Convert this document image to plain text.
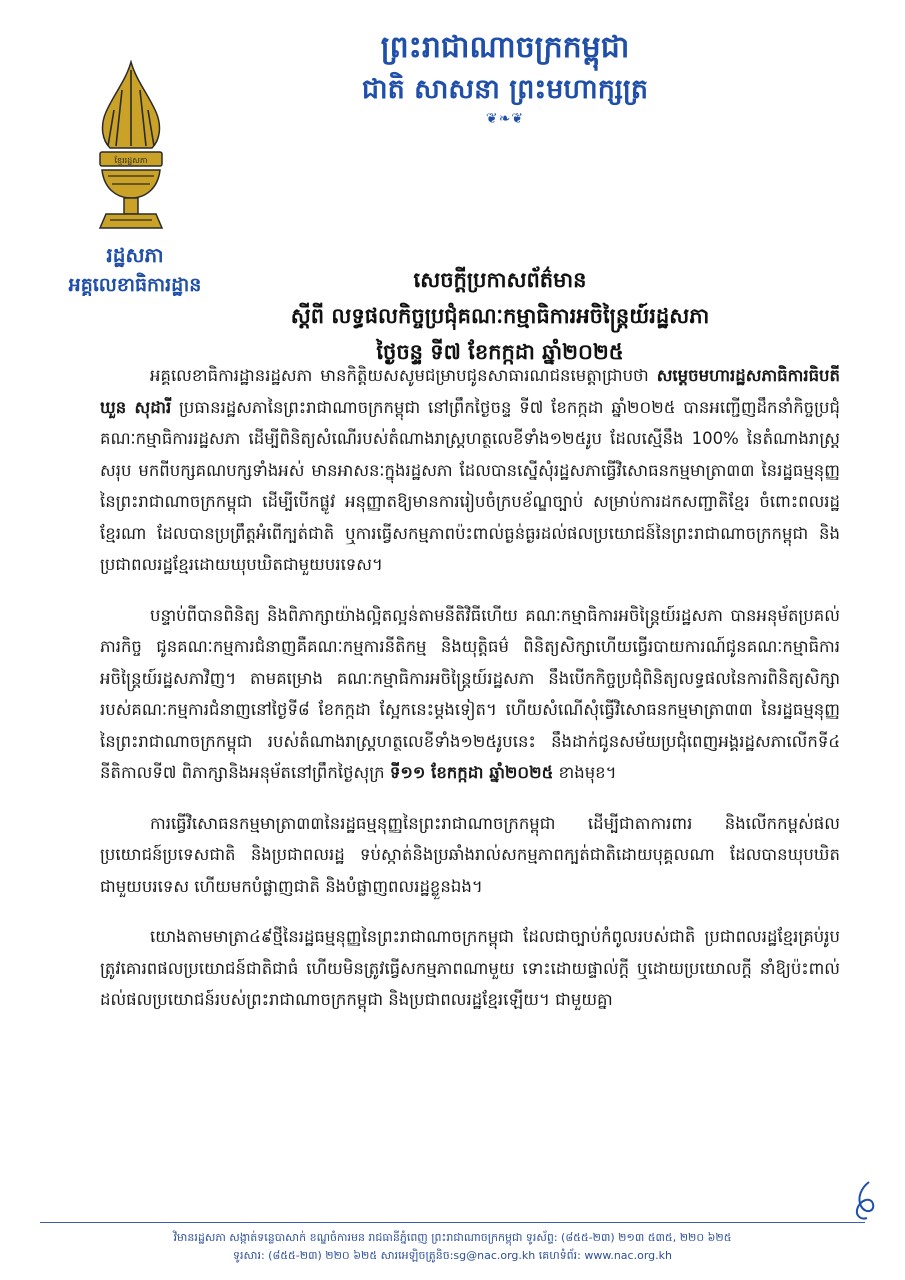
ព្រះរាជាណាចក្រកម្ពុជា

ជាតិ សាសនា ព្រះមហាក្សត្រ

❦❧❦
ខ្មែររដ្ឋសភា

រដ្ឋសភា

អគ្គលេខាធិការដ្ឋាន	សេចក្តីប្រកាសព័ត៌មាន
ស្តីពី លទ្ធផលកិច្ចប្រជុំគណៈកម្មាធិការអចិន្ត្រៃយ៍រដ្ឋសភា
ថ្ងៃចន្ទ ទី៧ ខែកក្កដា ឆ្នាំ២០២៥

អគ្គលេខាធិការដ្ឋានរដ្ឋសភា មានកិត្តិយសសូមជម្រាបជូនសាធារណជនមេត្តាជ្រាបថា សម្តេចមហារដ្ឋសភាធិការធិបតី ឃួន សុដារី ប្រធានរដ្ឋសភានៃព្រះរាជាណាចក្រកម្ពុជា នៅព្រឹកថ្ងៃចន្ទ ទី៧ ខែកក្កដា ឆ្នាំ២០២៥ បានអញ្ជើញដឹកនាំកិច្ចប្រជុំគណៈកម្មាធិការរដ្ឋសភា ដើម្បីពិនិត្យសំណើរបស់តំណាងរាស្ត្រហត្ថលេខីទាំង១២៥រូប ដែលស្មើនឹង 100% នៃតំណាងរាស្ត្រសរុប មកពីបក្សគណបក្សទាំងអស់ មានអាសនៈក្នុងរដ្ឋសភា ដែលបានស្នើសុំរដ្ឋសភាធ្វើវិសោធនកម្មមាត្រា៣៣ នៃរដ្ឋធម្មនុញ្ញនៃព្រះរាជាណាចក្រកម្ពុជា ដើម្បីបើកផ្លូវ អនុញ្ញាតឱ្យមានការរៀបចំក្របខ័ណ្ឌច្បាប់ សម្រាប់ការដកសញ្ជាតិខ្មែរ ចំពោះពលរដ្ឋខ្មែរណា ដែលបានប្រព្រឹត្តអំពើក្បត់ជាតិ ឬការធ្វើសកម្មភាពប៉ះពាល់ធ្ងន់ធ្ងរដល់ផលប្រយោជន៍នៃព្រះរាជាណាចក្រកម្ពុជា និងប្រជាពលរដ្ឋខ្មែរដោយឃុបឃិតជាមួយបរទេស។

បន្ទាប់ពីបានពិនិត្យ និងពិភាក្សាយ៉ាងល្អិតល្អន់តាមនីតិវិធីហើយ គណៈកម្មាធិការអចិន្ត្រៃយ៍រដ្ឋសភា បានអនុម័តប្រគល់ភារកិច្ច ជូនគណៈកម្មការជំនាញគឺគណៈកម្មការនីតិកម្ម និងយុត្តិធម៌ ពិនិត្យសិក្សាហើយធ្វើរបាយការណ៍ជូនគណៈកម្មាធិការអចិន្ត្រៃយ៍រដ្ឋសភាវិញ។ តាមគម្រោង គណៈកម្មាធិការអចិន្ត្រៃយ៍រដ្ឋសភា នឹងបើកកិច្ចប្រជុំពិនិត្យលទ្ធផលនៃការពិនិត្យសិក្សារបស់គណៈកម្មការជំនាញនៅថ្ងៃទី៨ ខែកក្កដា ស្អែកនេះម្តងទៀត។ ហើយសំណើសុំធ្វើវិសោធនកម្មមាត្រា៣៣ នៃរដ្ឋធម្មនុញ្ញនៃព្រះរាជាណាចក្រកម្ពុជា របស់តំណាងរាស្ត្រហត្ថលេខីទាំង១២៥រូបនេះ នឹងដាក់ជូនសម័យប្រជុំពេញអង្គរដ្ឋសភាលើកទី៤ នីតិកាលទី៧ ពិភាក្សានិងអនុម័តនៅព្រឹកថ្ងៃសុក្រ ទី១១ ខែកក្កដា ឆ្នាំ២០២៥ ខាងមុខ។

ការធ្វើវិសោធនកម្មមាត្រា៣៣នៃរដ្ឋធម្មនុញ្ញនៃព្រះរាជាណាចក្រកម្ពុជា ដើម្បីជាតាការពារ និងលើកកម្ពស់ផលប្រយោជន៍ប្រទេសជាតិ និងប្រជាពលរដ្ឋ ទប់ស្កាត់និងប្រឆាំងរាល់សកម្មភាពក្បត់ជាតិដោយបុគ្គលណា ដែលបានឃុបឃិតជាមួយបរទេស ហើយមកបំផ្លាញជាតិ និងបំផ្លាញពលរដ្ឋខ្លួនឯង។

យោងតាមមាត្រា៤៩ថ្មីនៃរដ្ឋធម្មនុញ្ញនៃព្រះរាជាណាចក្រកម្ពុជា ដែលជាច្បាប់កំពូលរបស់ជាតិ ប្រជាពលរដ្ឋខ្មែរគ្រប់រូប ត្រូវគោរពផលប្រយោជន៍ជាតិជាធំ ហើយមិនត្រូវធ្វើសកម្មភាពណាមួយ ទោះដោយផ្ទាល់ក្តី ឬដោយប្រយោលក្តី នាំឱ្យប៉ះពាល់ដល់ផលប្រយោជន៍របស់ព្រះរាជាណាចក្រកម្ពុជា និងប្រជាពលរដ្ឋខ្មែរឡើយ។ ជាមួយគ្នា

វិមានរដ្ឋសភា សង្កាត់ទន្លេបាសាក់ ខណ្ឌចំការមន រាជធានីភ្នំពេញ ព្រះរាជាណាចក្រកម្ពុជា ទូរស័ព្ទ: (៨៥៥-២៣) ២១៣ ៥៣៥, ២២០ ៦២៥
ទូរសារ: (៨៥៥-២៣) ២២០ ៦២៥ សារអេឡិចត្រូនិច:sg@nac.org.kh គេហទំព័រ: www.nac.org.kh
